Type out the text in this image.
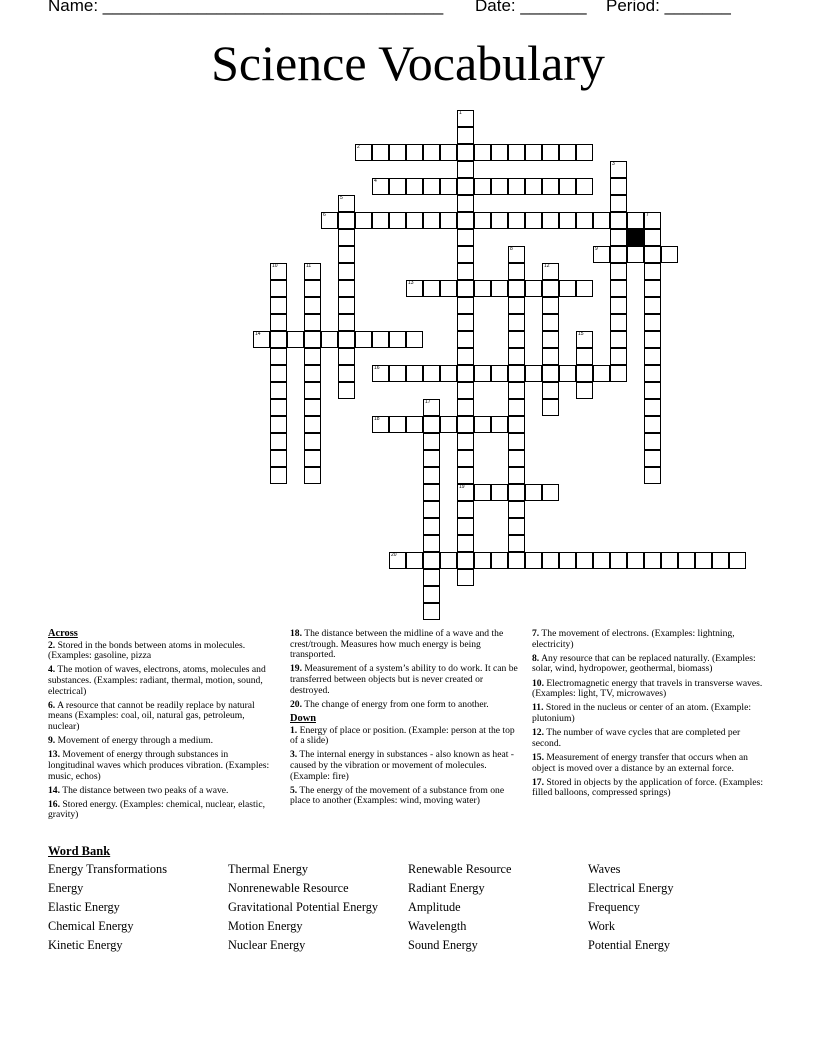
Name: ____________________________________ Date: _______ Period: _______
Science Vocabulary
1
19
2
3
4
5
6	7
8	9
10	11	12
13
14	15
16
17
18
20
Across
2. Stored in the bonds between atoms in molecules. (Examples: gasoline, pizza
4. The motion of waves, electrons, atoms, molecules and substances. (Examples: radiant, thermal, motion, sound, electrical)
6. A resource that cannot be readily replace by natural means (Examples: coal, oil, natural gas, petroleum, nuclear)
9. Movement of energy through a medium.
13. Movement of energy through substances in longitudinal waves which produces vibration. (Examples: music, echos)
14. The distance between two peaks of a wave.
16. Stored energy. (Examples: chemical, nuclear, elastic, gravity)
18. The distance between the midline of a wave and the crest/trough. Measures how much energy is being transported.
19. Measurement of a system’s ability to do work. It can be transferred between objects but is never created or destroyed.
20. The change of energy from one form to another.
Down
1. Energy of place or position. (Example: person at the top of a slide)
3. The internal energy in substances - also known as heat - caused by the vibration or movement of molecules. (Example: fire)
5. The energy of the movement of a substance from one place to another (Examples: wind, moving water)
7. The movement of electrons. (Examples: lightning, electricity)
8. Any resource that can be replaced naturally. (Examples: solar, wind, hydropower, geothermal, biomass)
10. Electromagnetic energy that travels in transverse waves. (Examples: light, TV, microwaves)
11. Stored in the nucleus or center of an atom. (Example: plutonium)
12. The number of wave cycles that are completed per second.
15. Measurement of energy transfer that occurs when an object is moved over a distance by an external force.
17. Stored in objects by the application of force. (Examples: filled balloons, compressed springs)
Word Bank
Energy Transformations
Energy
Elastic Energy
Chemical Energy
Kinetic Energy
Thermal Energy
Nonrenewable Resource
Gravitational Potential Energy
Motion Energy
Nuclear Energy
Renewable Resource
Radiant Energy
Amplitude
Wavelength
Sound Energy
Waves
Electrical Energy
Frequency
Work
Potential Energy
